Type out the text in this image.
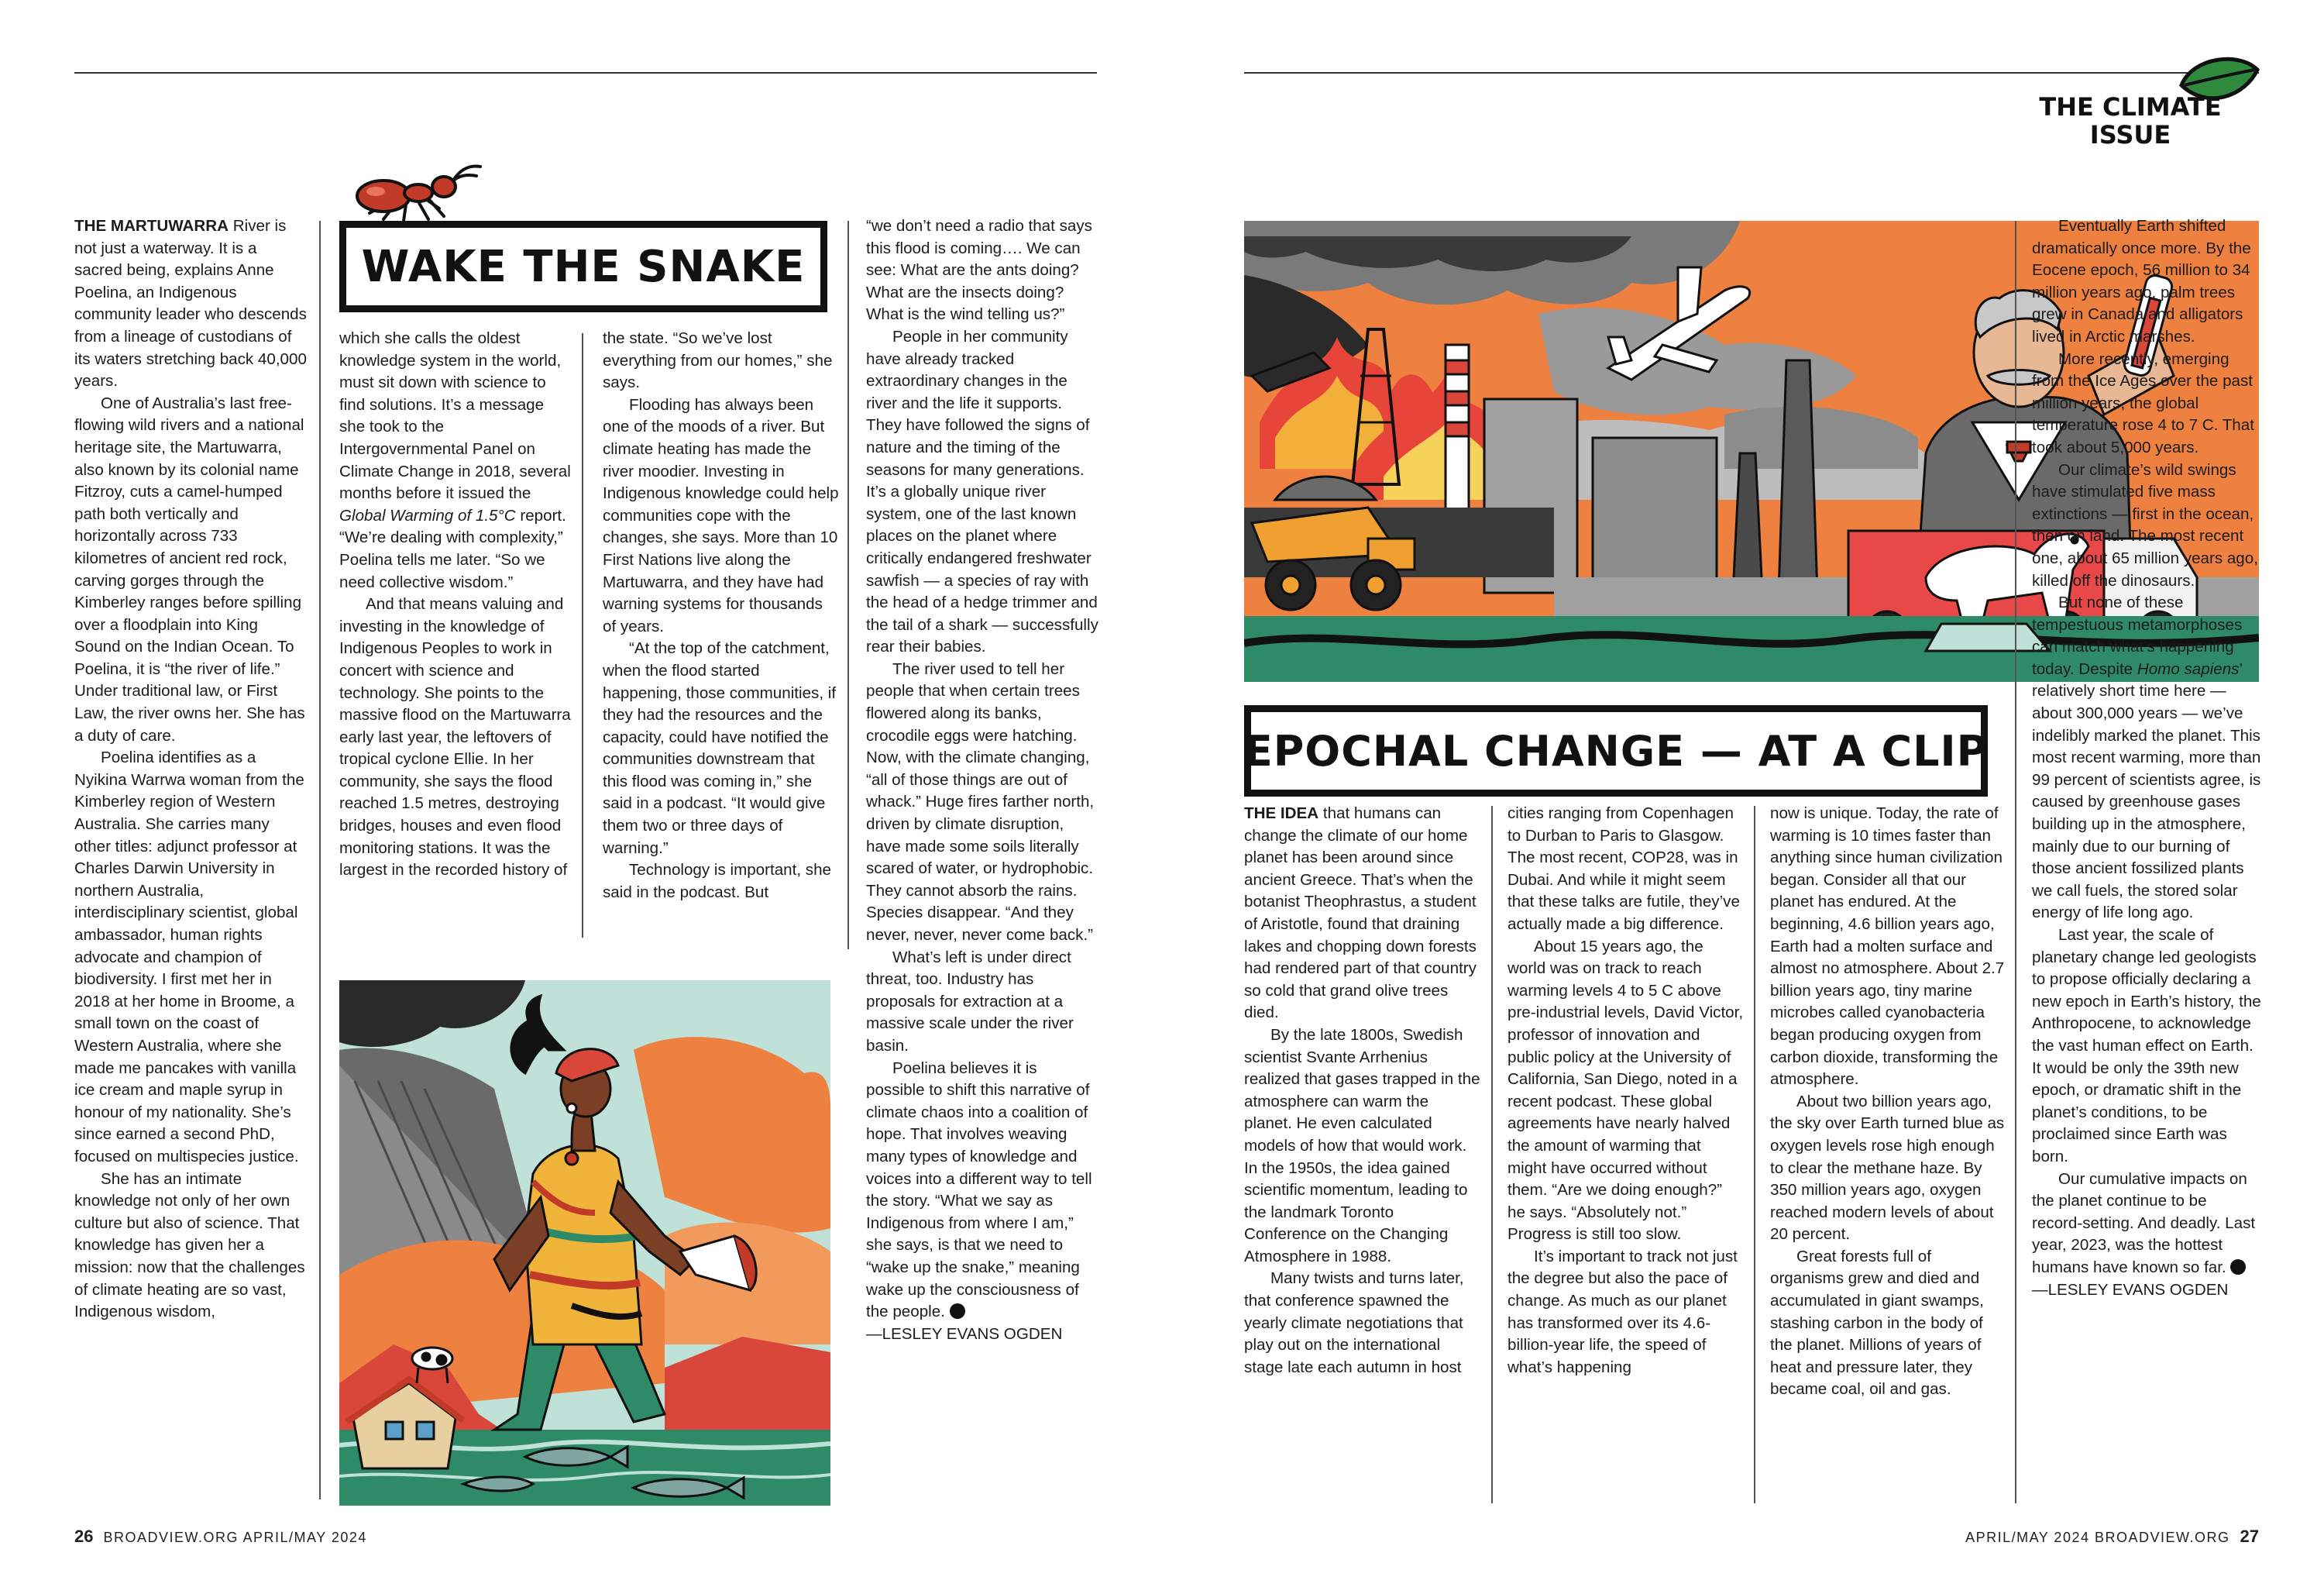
THE CLIMATE
ISSUE
WAKE THE SNAKE

THE MARTUWARRA River is not just a waterway. It is a sacred being, explains Anne Poelina, an Indigenous community leader who descends from a lineage of custodians of its waters stretching back 40,000 years.

One of Australia’s last free-flowing wild rivers and a national heritage site, the Martuwarra, also known by its colonial name Fitzroy, cuts a camel-humped path both vertically and horizontally across 733 kilometres of ancient red rock, carving gorges through the Kimberley ranges before spilling over a floodplain into King Sound on the Indian Ocean. To Poelina, it is “the river of life.” Under traditional law, or First Law, the river owns her. She has a duty of care.

Poelina identifies as a Nyikina Warrwa woman from the Kimberley region of Western Australia. She carries many other titles: adjunct professor at Charles Darwin University in northern Australia, interdisciplinary scientist, global ambassador, human rights advocate and champion of biodiversity. I first met her in 2018 at her home in Broome, a small town on the coast of Western Australia, where she made me pancakes with vanilla ice cream and maple syrup in honour of my nationality. She’s since earned a second PhD, focused on multispecies justice.

She has an intimate knowledge not only of her own culture but also of science. That knowledge has given her a mission: now that the challenges of climate heating are so vast, Indigenous wisdom,

which she calls the oldest knowledge system in the world, must sit down with science to find solutions. It’s a message she took to the Intergovernmental Panel on Climate Change in 2018, several months before it issued the Global Warming of 1.5°C report. “We’re dealing with complexity,” Poelina tells me later. “So we need collective wisdom.”

And that means valuing and investing in the knowledge of Indigenous Peoples to work in concert with science and technology. She points to the massive flood on the Martuwarra early last year, the leftovers of tropical cyclone Ellie. In her community, she says the flood reached 1.5 metres, destroying bridges, houses and even flood monitoring stations. It was the largest in the recorded history of

the state. “So we’ve lost everything from our homes,” she says.

Flooding has always been one of the moods of a river. But climate heating has made the river moodier. Investing in Indigenous knowledge could help communities cope with the changes, she says. More than 10 First Nations live along the Martuwarra, and they have had warning systems for thousands of years.

“At the top of the catchment, when the flood started happening, those communities, if they had the resources and the capacity, could have notified the communities downstream that this flood was coming in,” she said in a podcast. “It would give them two or three days of warning.”

Technology is important, she said in the podcast. But

“we don’t need a radio that says this flood is coming…. We can see: What are the ants doing? What are the insects doing? What is the wind telling us?”

People in her community have already tracked extraordinary changes in the river and the life it supports. They have followed the signs of nature and the timing of the seasons for many generations. It’s a globally unique river system, one of the last known places on the planet where critically endangered freshwater sawfish — a species of ray with the head of a hedge trimmer and the tail of a shark — successfully rear their babies.

The river used to tell her people that when certain trees flowered along its banks, crocodile eggs were hatching. Now, with the climate changing, “all of those things are out of whack.” Huge fires farther north, driven by climate disruption, have made some soils literally scared of water, or hydrophobic. They cannot absorb the rains. Species disappear. “And they never, never, never come back.”

What’s left is under direct threat, too. Industry has proposals for extraction at a massive scale under the river basin.

Poelina believes it is possible to shift this narrative of climate chaos into a coalition of hope. That involves weaving many types of knowledge and voices into a different way to tell the story. “What we say as Indigenous from where I am,” she says, is that we need to “wake up the snake,” meaning wake up the consciousness of the people.

—LESLEY EVANS OGDEN

EPOCHAL CHANGE — AT A CLIP

THE IDEA that humans can change the climate of our home planet has been around since ancient Greece. That’s when the botanist Theophrastus, a student of Aristotle, found that draining lakes and chopping down forests had rendered part of that country so cold that grand olive trees died.

By the late 1800s, Swedish scientist Svante Arrhenius realized that gases trapped in the atmosphere can warm the planet. He even calculated models of how that would work. In the 1950s, the idea gained scientific momentum, leading to the landmark Toronto Conference on the Changing Atmosphere in 1988.

Many twists and turns later, that conference spawned the yearly climate negotiations that play out on the international stage late each autumn in host

cities ranging from Copenhagen to Durban to Paris to Glasgow. The most recent, COP28, was in Dubai. And while it might seem that these talks are futile, they’ve actually made a big difference.

About 15 years ago, the world was on track to reach warming levels 4 to 5 C above pre-industrial levels, David Victor, professor of innovation and public policy at the University of California, San Diego, noted in a recent podcast. These global agreements have nearly halved the amount of warming that might have occurred without them. “Are we doing enough?” he says. “Absolutely not.” Progress is still too slow.

It’s important to track not just the degree but also the pace of change. As much as our planet has transformed over its 4.6-billion-year life, the speed of what’s happening

now is unique. Today, the rate of warming is 10 times faster than anything since human civilization began. Consider all that our planet has endured. At the beginning, 4.6 billion years ago, Earth had a molten surface and almost no atmosphere. About 2.7 billion years ago, tiny marine microbes called cyanobacteria began producing oxygen from carbon dioxide, transforming the atmosphere.

About two billion years ago, the sky over Earth turned blue as oxygen levels rose high enough to clear the methane haze. By 350 million years ago, oxygen reached modern levels of about 20 percent.

Great forests full of organisms grew and died and accumulated in giant swamps, stashing carbon in the body of the planet. Millions of years of heat and pressure later, they became coal, oil and gas.

Eventually Earth shifted dramatically once more. By the Eocene epoch, 56 million to 34 million years ago, palm trees grew in Canada and alligators lived in Arctic marshes.

More recently, emerging from the Ice Ages over the past million years, the global temperature rose 4 to 7 C. That took about 5,000 years.

Our climate’s wild swings have stimulated five mass extinctions — first in the ocean, then on land. The most recent one, about 65 million years ago, killed off the dinosaurs.

But none of these tempestuous metamorphoses can match what’s happening today. Despite Homo sapiens’ relatively short time here — about 300,000 years — we’ve indelibly marked the planet. This most recent warming, more than 99 percent of scientists agree, is caused by greenhouse gases building up in the atmosphere, mainly due to our burning of those ancient fossilized plants we call fuels, the stored solar energy of life long ago.

Last year, the scale of planetary change led geologists to propose officially declaring a new epoch in Earth’s history, the Anthropocene, to acknowledge the vast human effect on Earth. It would be only the 39th new epoch, or dramatic shift in the planet’s conditions, to be proclaimed since Earth was born.

Our cumulative impacts on the planet continue to be record-setting. And deadly. Last year, 2023, was the hottest humans have known so far.

—LESLEY EVANS OGDEN

26 BROADVIEW.ORG APRIL/MAY 2024	APRIL/MAY 2024 BROADVIEW.ORG 27
